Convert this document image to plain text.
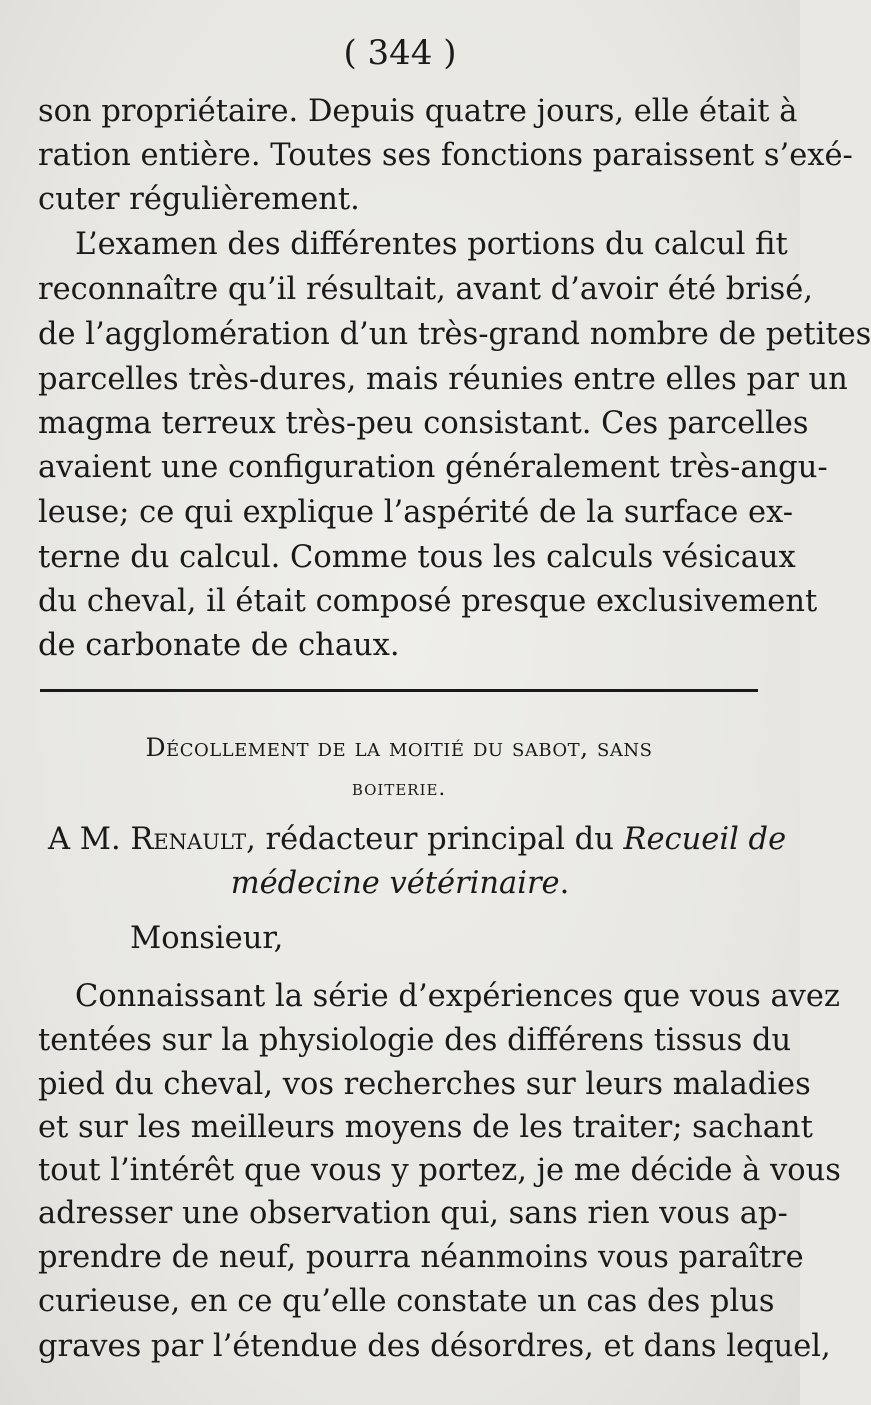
( 344 )
son propriétaire. Depuis quatre jours, elle était à
ration entière. Toutes ses fonctions paraissent s’exé-
cuter régulièrement.
L’examen des différentes portions du calcul fit
reconnaître qu’il résultait, avant d’avoir été brisé,
de l’agglomération d’un très-grand nombre de petites
parcelles très-dures, mais réunies entre elles par un
magma terreux très-peu consistant. Ces parcelles
avaient une configuration généralement très-angu-
leuse; ce qui explique l’aspérité de la surface ex-
terne du calcul. Comme tous les calculs vésicaux
du cheval, il était composé presque exclusivement
de carbonate de chaux.
Décollement de la moitié du sabot, sans
boiterie.
A M. Renault, rédacteur principal du Recueil de
médecine vétérinaire.
Monsieur,
Connaissant la série d’expériences que vous avez
tentées sur la physiologie des différens tissus du
pied du cheval, vos recherches sur leurs maladies
et sur les meilleurs moyens de les traiter; sachant
tout l’intérêt que vous y portez, je me décide à vous
adresser une observation qui, sans rien vous ap-
prendre de neuf, pourra néanmoins vous paraître
curieuse, en ce qu’elle constate un cas des plus
graves par l’étendue des désordres, et dans lequel,
